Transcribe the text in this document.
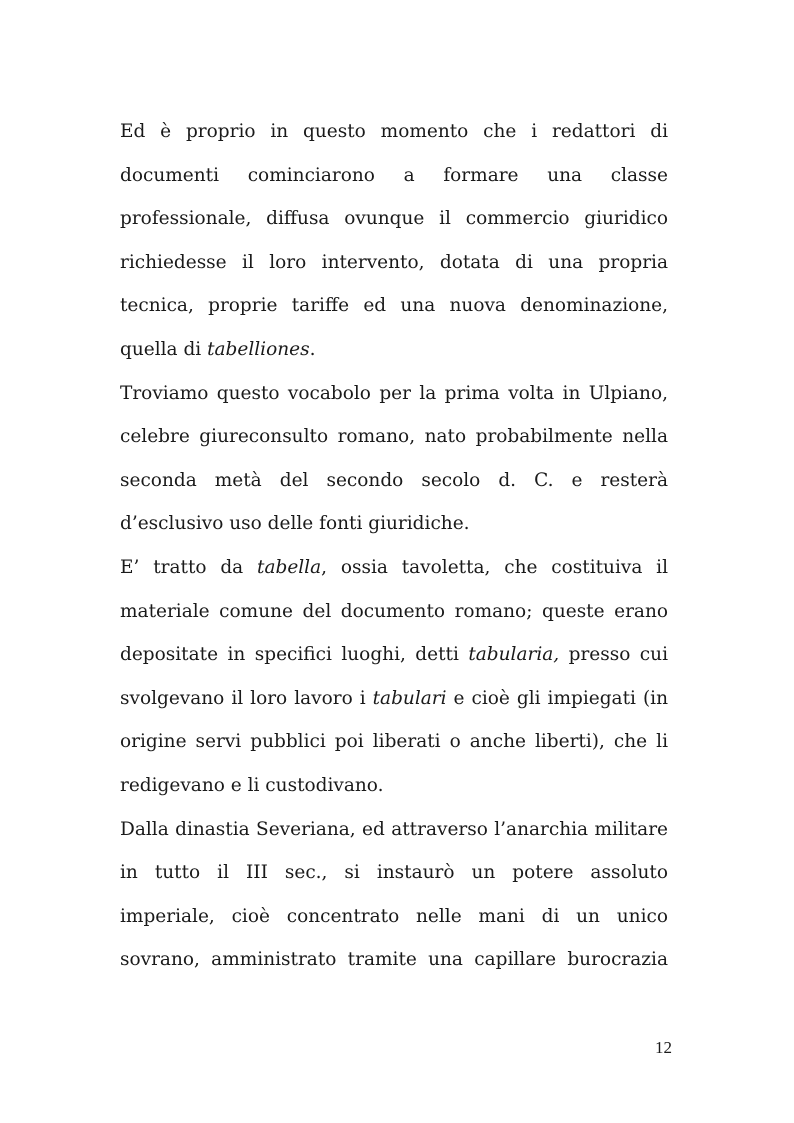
Ed è proprio in questo momento che i redattori di documenti cominciarono a formare una classe professionale, diffusa ovunque il commercio giuridico richiedesse il loro intervento, dotata di una propria tecnica, proprie tariffe ed una nuova denominazione, quella di tabelliones.

Troviamo questo vocabolo per la prima volta in Ulpiano, celebre giureconsulto romano, nato probabilmente nella seconda metà del secondo secolo d. C. e resterà d’esclusivo uso delle fonti giuridiche.

E’ tratto da tabella, ossia tavoletta, che costituiva il materiale comune del documento romano; queste erano depositate in specifici luoghi, detti tabularia, presso cui svolgevano il loro lavoro i tabulari e cioè gli impiegati (in origine servi pubblici poi liberati o anche liberti), che li redigevano e li custodivano.

Dalla dinastia Severiana, ed attraverso l’anarchia militare in tutto il III sec., si instaurò un potere assoluto imperiale, cioè concentrato nelle mani di un unico sovrano, amministrato tramite una capillare burocrazia

12
